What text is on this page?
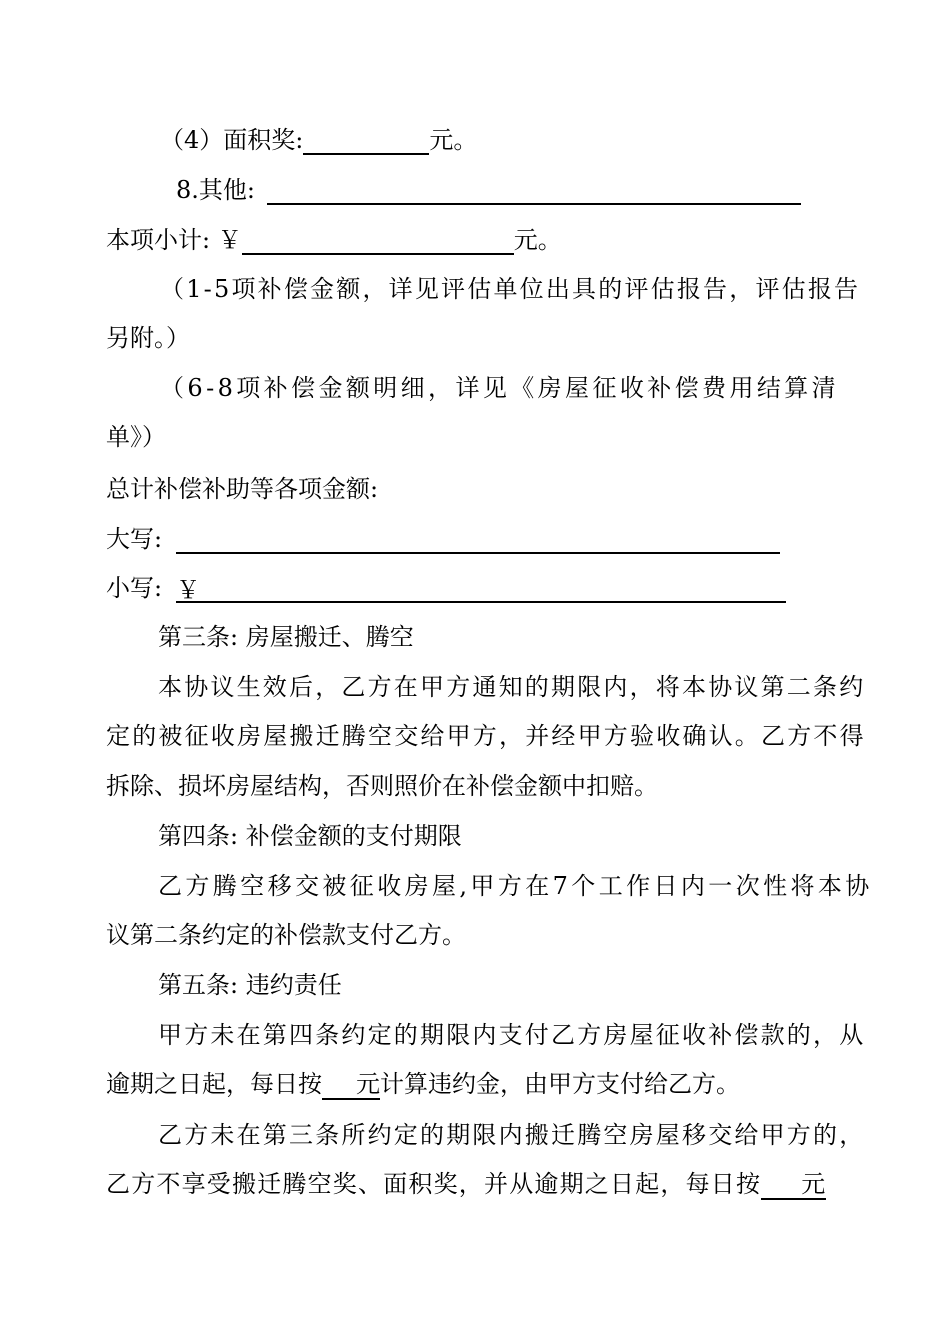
（4）面积奖:	元。
8.其他:
本项小计: ￥	元。
（1-5项补偿金额，详见评估单位出具的评估报告，评估报告
另附。）
（6-8项补偿金额明细，详见《房屋征收补偿费用结算清
单》）
总计补偿补助等各项金额:
大写:
小写: ￥
第三条: 房屋搬迁、腾空
本协议生效后，乙方在甲方通知的期限内，将本协议第二条约
定的被征收房屋搬迁腾空交给甲方，并经甲方验收确认。乙方不得
拆除、损坏房屋结构，否则照价在补偿金额中扣赔。
第四条: 补偿金额的支付期限
乙方腾空移交被征收房屋,甲方在7个工作日内一次性将本协
议第二条约定的补偿款支付乙方。
第五条: 违约责任
甲方未在第四条约定的期限内支付乙方房屋征收补偿款的，从
逾期之日起，每日按 元计算违约金，由甲方支付给乙方。
乙方未在第三条所约定的期限内搬迁腾空房屋移交给甲方的，
乙方不享受搬迁腾空奖、面积奖，并从逾期之日起，每日按 元
